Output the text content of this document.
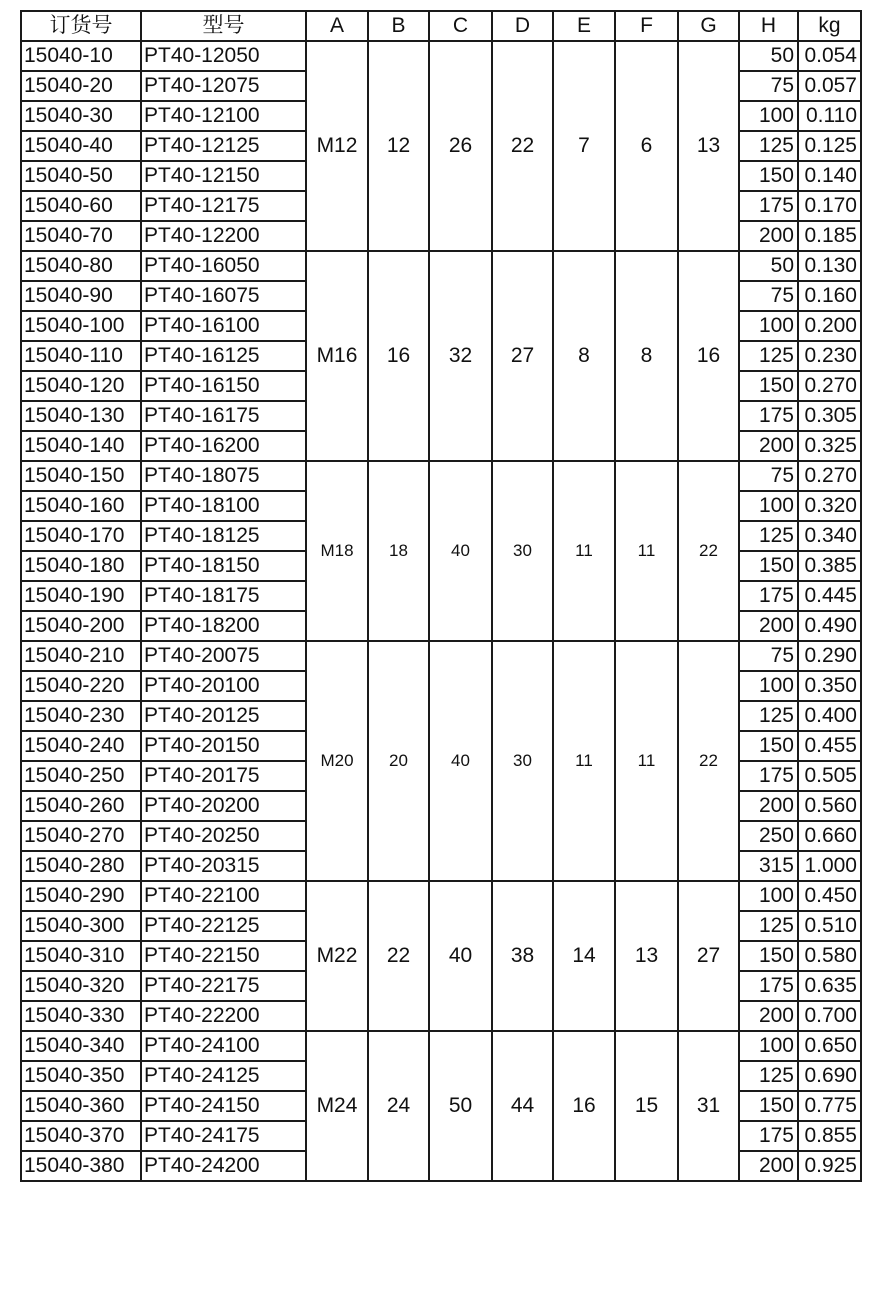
订货号	型号	A	B	C	D	E	F	G	H	kg
15040-10	PT40-12050	M12	12	26	22	7	6	13	50	0.054
15040-20	PT40-12075								75	0.057
15040-30	PT40-12100								100	0.110
15040-40	PT40-12125								125	0.125
15040-50	PT40-12150								150	0.140
15040-60	PT40-12175								175	0.170
15040-70	PT40-12200								200	0.185
15040-80	PT40-16050	M16	16	32	27	8	8	16	50	0.130
15040-90	PT40-16075								75	0.160
15040-100	PT40-16100								100	0.200
15040-110	PT40-16125								125	0.230
15040-120	PT40-16150								150	0.270
15040-130	PT40-16175								175	0.305
15040-140	PT40-16200								200	0.325
15040-150	PT40-18075	M18	18	40	30	11	11	22	75	0.270
15040-160	PT40-18100								100	0.320
15040-170	PT40-18125								125	0.340
15040-180	PT40-18150								150	0.385
15040-190	PT40-18175								175	0.445
15040-200	PT40-18200								200	0.490
15040-210	PT40-20075	M20	20	40	30	11	11	22	75	0.290
15040-220	PT40-20100								100	0.350
15040-230	PT40-20125								125	0.400
15040-240	PT40-20150								150	0.455
15040-250	PT40-20175								175	0.505
15040-260	PT40-20200								200	0.560
15040-270	PT40-20250								250	0.660
15040-280	PT40-20315								315	1.000
15040-290	PT40-22100	M22	22	40	38	14	13	27	100	0.450
15040-300	PT40-22125								125	0.510
15040-310	PT40-22150								150	0.580
15040-320	PT40-22175								175	0.635
15040-330	PT40-22200								200	0.700
15040-340	PT40-24100	M24	24	50	44	16	15	31	100	0.650
15040-350	PT40-24125								125	0.690
15040-360	PT40-24150								150	0.775
15040-370	PT40-24175								175	0.855
15040-380	PT40-24200								200	0.925
